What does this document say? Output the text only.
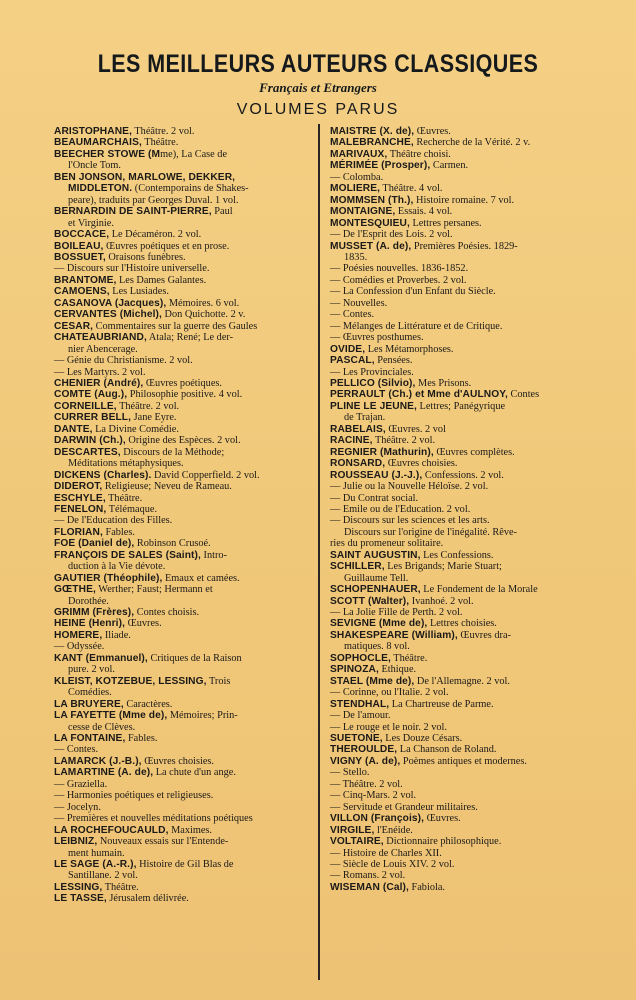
LES MEILLEURS AUTEURS CLASSIQUES
Français et Etrangers
VOLUMES PARUS
ARISTOPHANE, Théâtre. 2 vol.
BEAUMARCHAIS, Théâtre.
BEECHER STOWE (Mme), La Case de
l'Oncle Tom.
BEN JONSON, MARLOWE, DEKKER,
MIDDLETON. (Contemporains de Shakes-
peare), traduits par Georges Duval. 1 vol.
BERNARDIN DE SAINT-PIERRE, Paul
et Virginie.
BOCCACE, Le Décaméron. 2 vol.
BOILEAU, Œuvres poétiques et en prose.
BOSSUET, Oraisons funèbres.
— Discours sur l'Histoire universelle.
BRANTOME, Les Dames Galantes.
CAMOENS, Les Lusiades.
CASANOVA (Jacques), Mémoires. 6 vol.
CERVANTES (Michel), Don Quichotte. 2 v.
CESAR, Commentaires sur la guerre des Gaules
CHATEAUBRIAND, Atala; René; Le der-
nier Abencerage.
— Génie du Christianisme. 2 vol.
— Les Martyrs. 2 vol.
CHENIER (André), Œuvres poétiques.
COMTE (Aug.), Philosophie positive. 4 vol.
CORNEILLE, Théâtre. 2 vol.
CURRER BELL, Jane Eyre.
DANTE, La Divine Comédie.
DARWIN (Ch.), Origine des Espèces. 2 vol.
DESCARTES, Discours de la Méthode;
Méditations métaphysiques.
DICKENS (Charles). David Copperfield. 2 vol.
DIDEROT, Religieuse; Neveu de Rameau.
ESCHYLE, Théâtre.
FENELON, Télémaque.
— De l'Education des Filles.
FLORIAN, Fables.
FOE (Daniel de), Robinson Crusoé.
FRANÇOIS DE SALES (Saint), Intro-
duction à la Vie dévote.
GAUTIER (Théophile), Emaux et camées.
GŒTHE, Werther; Faust; Hermann et
Dorothée.
GRIMM (Frères), Contes choisis.
HEINE (Henri), Œuvres.
HOMERE, Iliade.
— Odyssée.
KANT (Emmanuel), Critiques de la Raison
pure. 2 vol.
KLEIST, KOTZEBUE, LESSING, Trois
Comédies.
LA BRUYERE, Caractères.
LA FAYETTE (Mme de), Mémoires; Prin-
cesse de Clèves.
LA FONTAINE, Fables.
— Contes.
LAMARCK (J.-B.), Œuvres choisies.
LAMARTINE (A. de), La chute d'un ange.
— Graziella.
— Harmonies poétiques et religieuses.
— Jocelyn.
— Premières et nouvelles méditations poétiques
LA ROCHEFOUCAULD, Maximes.
LEIBNIZ, Nouveaux essais sur l'Entende-
ment humain.
LE SAGE (A.-R.), Histoire de Gil Blas de
Santillane. 2 vol.
LESSING, Théâtre.
LE TASSE, Jérusalem délivrée.
MAISTRE (X. de), Œuvres.
MALEBRANCHE, Recherche de la Vérité. 2 v.
MARIVAUX, Théâtre choisi.
MÉRIMÉE (Prosper), Carmen.
— Colomba.
MOLIERE, Théâtre. 4 vol.
MOMMSEN (Th.), Histoire romaine. 7 vol.
MONTAIGNE, Essais. 4 vol.
MONTESQUIEU, Lettres persanes.
— De l'Esprit des Lois. 2 vol.
MUSSET (A. de), Premières Poésies. 1829-
1835.
— Poésies nouvelles. 1836-1852.
— Comédies et Proverbes. 2 vol.
— La Confession d'un Enfant du Siècle.
— Nouvelles.
— Contes.
— Mélanges de Littérature et de Critique.
— Œuvres posthumes.
OVIDE, Les Métamorphoses.
PASCAL, Pensées.
— Les Provinciales.
PELLICO (Silvio), Mes Prisons.
PERRAULT (Ch.) et Mme d'AULNOY, Contes
PLINE LE JEUNE, Lettres; Panégyrique
de Trajan.
RABELAIS, Œuvres. 2 vol
RACINE, Théâtre. 2 vol.
REGNIER (Mathurin), Œuvres complètes.
RONSARD, Œuvres choisies.
ROUSSEAU (J.-J.), Confessions. 2 vol.
— Julie ou la Nouvelle Héloïse. 2 vol.
— Du Contrat social.
— Emile ou de l'Education. 2 vol.
— Discours sur les sciences et les arts.
Discours sur l'origine de l'inégalité. Rêve-
ries du promeneur solitaire.
SAINT AUGUSTIN, Les Confessions.
SCHILLER, Les Brigands; Marie Stuart;
Guillaume Tell.
SCHOPENHAUER, Le Fondement de la Morale
SCOTT (Walter), Ivanhoé. 2 vol.
— La Jolie Fille de Perth. 2 vol.
SEVIGNE (Mme de), Lettres choisies.
SHAKESPEARE (William), Œuvres dra-
matiques. 8 vol.
SOPHOCLE, Théâtre.
SPINOZA, Ethique.
STAEL (Mme de), De l'Allemagne. 2 vol.
— Corinne, ou l'Italie. 2 vol.
STENDHAL, La Chartreuse de Parme.
— De l'amour.
— Le rouge et le noir. 2 vol.
SUETONE, Les Douze Césars.
THEROULDE, La Chanson de Roland.
VIGNY (A. de), Poèmes antiques et modernes.
— Stello.
— Théâtre. 2 vol.
— Cinq-Mars. 2 vol.
— Servitude et Grandeur militaires.
VILLON (François), Œuvres.
VIRGILE, l'Enéide.
VOLTAIRE, Dictionnaire philosophique.
— Histoire de Charles XII.
— Siècle de Louis XIV. 2 vol.
— Romans. 2 vol.
WISEMAN (Cal), Fabiola.
